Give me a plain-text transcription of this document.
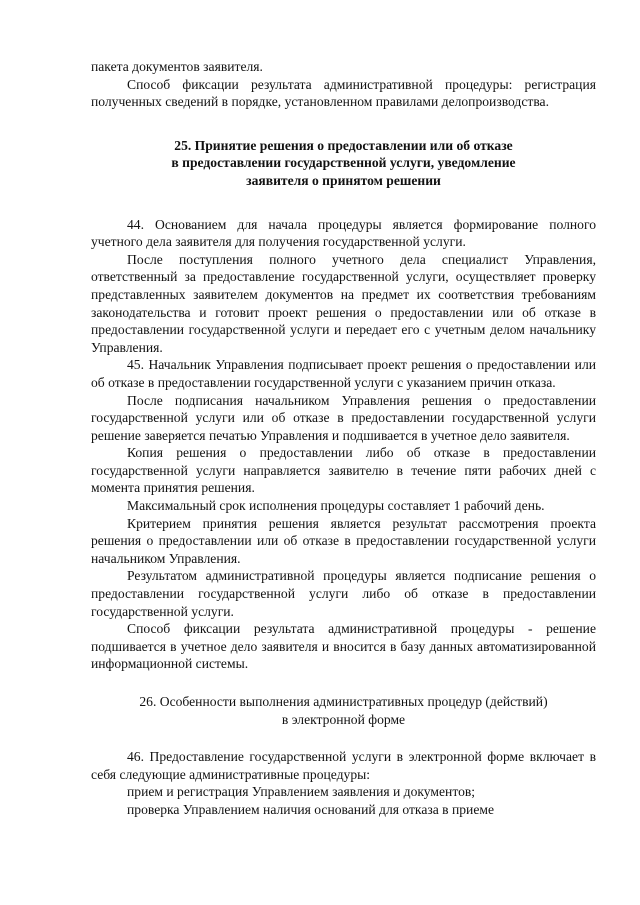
пакета документов заявителя.

Способ фиксации результата административной процедуры: регистрация полученных сведений в порядке, установленном правилами делопроизводства.

25. Принятие решения о предоставлении или об отказе
в предоставлении государственной услуги, уведомление
заявителя о принятом решении

44. Основанием для начала процедуры является формирование полного учетного дела заявителя для получения государственной услуги.

После поступления полного учетного дела специалист Управления, ответственный за предоставление государственной услуги, осуществляет проверку представленных заявителем документов на предмет их соответствия требованиям законодательства и готовит проект решения о предоставлении или об отказе в предоставлении государственной услуги и передает его с учетным делом начальнику Управления.

45. Начальник Управления подписывает проект решения о предоставлении или об отказе в предоставлении государственной услуги с указанием причин отказа.

После подписания начальником Управления решения о предоставлении государственной услуги или об отказе в предоставлении государственной услуги решение заверяется печатью Управления и подшивается в учетное дело заявителя.

Копия решения о предоставлении либо об отказе в предоставлении государственной услуги направляется заявителю в течение пяти рабочих дней с момента принятия решения.

Максимальный срок исполнения процедуры составляет 1 рабочий день.

Критерием принятия решения является результат рассмотрения проекта решения о предоставлении или об отказе в предоставлении государственной услуги начальником Управления.

Результатом административной процедуры является подписание решения о предоставлении государственной услуги либо об отказе в предоставлении государственной услуги.

Способ фиксации результата административной процедуры - решение подшивается в учетное дело заявителя и вносится в базу данных автоматизированной информационной системы.

26. Особенности выполнения административных процедур (действий)
в электронной форме

46. Предоставление государственной услуги в электронной форме включает в себя следующие административные процедуры:

прием и регистрация Управлением заявления и документов;

проверка Управлением наличия оснований для отказа в приеме
